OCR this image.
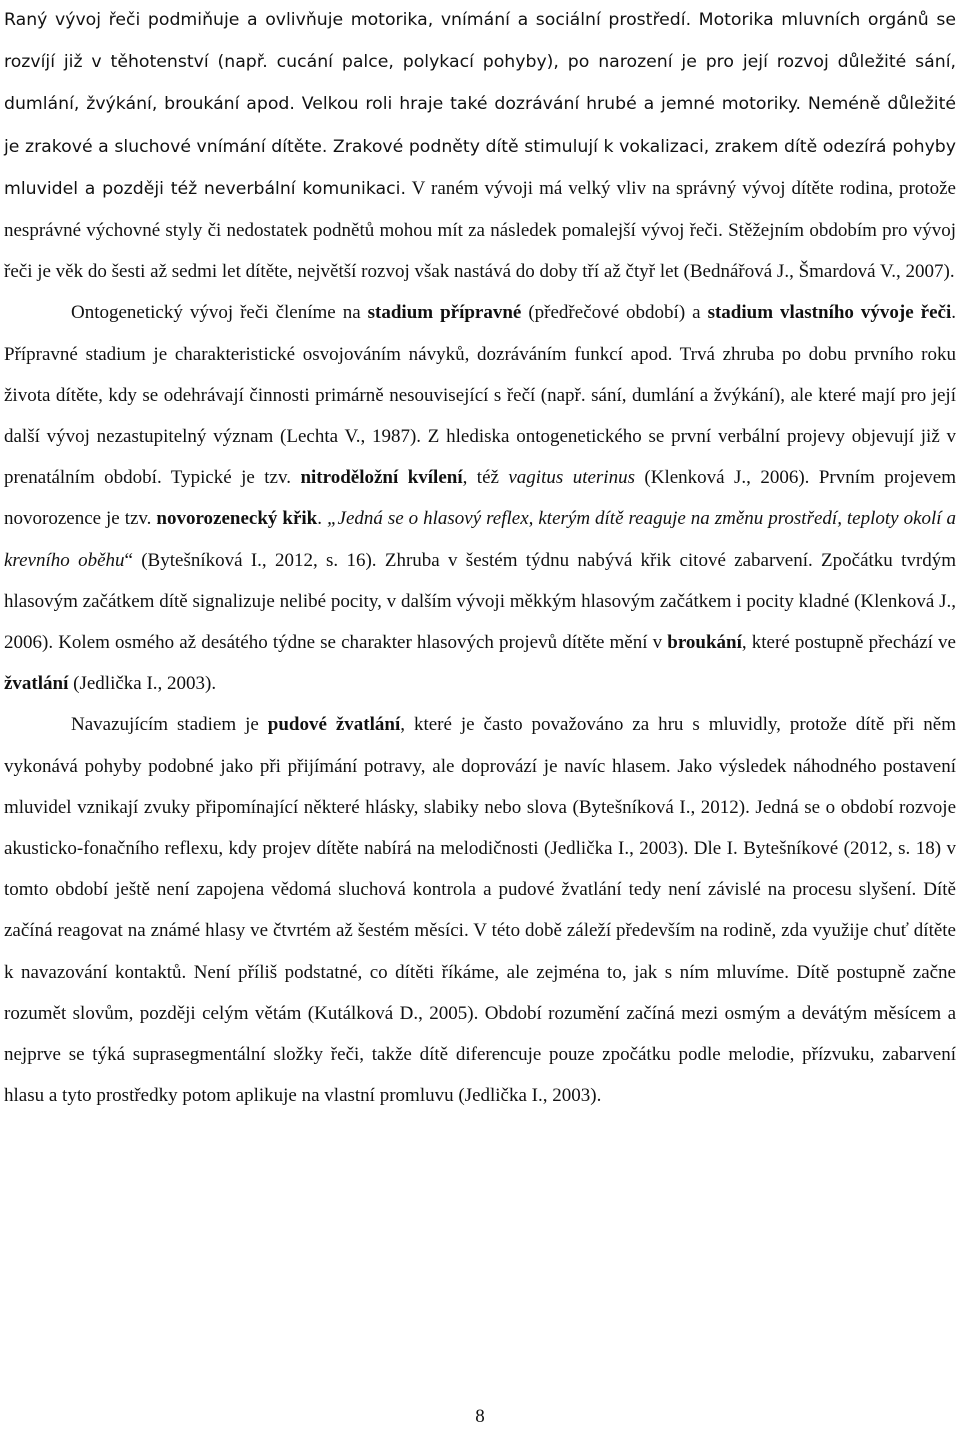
Raný vývoj řeči podmiňuje a ovlivňuje motorika, vnímání a sociální prostředí. Motorika mluvních orgánů se rozvíjí již v těhotenství (např. cucání palce, polykací pohyby), po narození je pro její rozvoj důležité sání, dumlání, žvýkání, broukání apod. Velkou roli hraje také dozrávání hrubé a jemné motoriky. Neméně důležité je zrakové a sluchové vnímání dítěte. Zrakové podněty dítě stimulují k vokalizaci, zrakem dítě odezírá pohyby mluvidel a později též neverbální komunikaci. V raném vývoji má velký vliv na správný vývoj dítěte rodina, protože nesprávné výchovné styly či nedostatek podnětů mohou mít za následek pomalejší vývoj řeči. Stěžejním obdobím pro vývoj řeči je věk do šesti až sedmi let dítěte, největší rozvoj však nastává do doby tří až čtyř let (Bednářová J., Šmardová V., 2007).

Ontogenetický vývoj řeči členíme na stadium přípravné (předřečové období) a stadium vlastního vývoje řeči. Přípravné stadium je charakteristické osvojováním návyků, dozráváním funkcí apod. Trvá zhruba po dobu prvního roku života dítěte, kdy se odehrávají činnosti primárně nesouvisející s řečí (např. sání, dumlání a žvýkání), ale které mají pro její další vývoj nezastupitelný význam (Lechta V., 1987). Z hlediska ontogenetického se první verbální projevy objevují již v prenatálním období. Typické je tzv. nitroděložní kvílení, též vagitus uterinus (Klenková J., 2006). Prvním projevem novorozence je tzv. novorozenecký křik. „Jedná se o hlasový reflex, kterým dítě reaguje na změnu prostředí, teploty okolí a krevního oběhu“ (Bytešníková I., 2012, s. 16). Zhruba v šestém týdnu nabývá křik citové zabarvení. Zpočátku tvrdým hlasovým začátkem dítě signalizuje nelibé pocity, v dalším vývoji měkkým hlasovým začátkem i pocity kladné (Klenková J., 2006). Kolem osmého až desátého týdne se charakter hlasových projevů dítěte mění v broukání, které postupně přechází ve žvatlání (Jedlička I., 2003).

Navazujícím stadiem je pudové žvatlání, které je často považováno za hru s mluvidly, protože dítě při něm vykonává pohyby podobné jako při přijímání potravy, ale doprovází je navíc hlasem. Jako výsledek náhodného postavení mluvidel vznikají zvuky připomínající některé hlásky, slabiky nebo slova (Bytešníková I., 2012). Jedná se o období rozvoje akusticko-fonačního reflexu, kdy projev dítěte nabírá na melodičnosti (Jedlička I., 2003). Dle I. Bytešníkové (2012, s. 18) v tomto období ještě není zapojena vědomá sluchová kontrola a pudové žvatlání tedy není závislé na procesu slyšení. Dítě začíná reagovat na známé hlasy ve čtvrtém až šestém měsíci. V této době záleží především na rodině, zda využije chuť dítěte k navazování kontaktů. Není příliš podstatné, co dítěti říkáme, ale zejména to, jak s ním mluvíme. Dítě postupně začne rozumět slovům, později celým větám (Kutálková D., 2005). Období rozumění začíná mezi osmým a devátým měsícem a nejprve se týká suprasegmentální složky řeči, takže dítě diferencuje pouze zpočátku podle melodie, přízvuku, zabarvení hlasu a tyto prostředky potom aplikuje na vlastní promluvu (Jedlička I., 2003).

8
